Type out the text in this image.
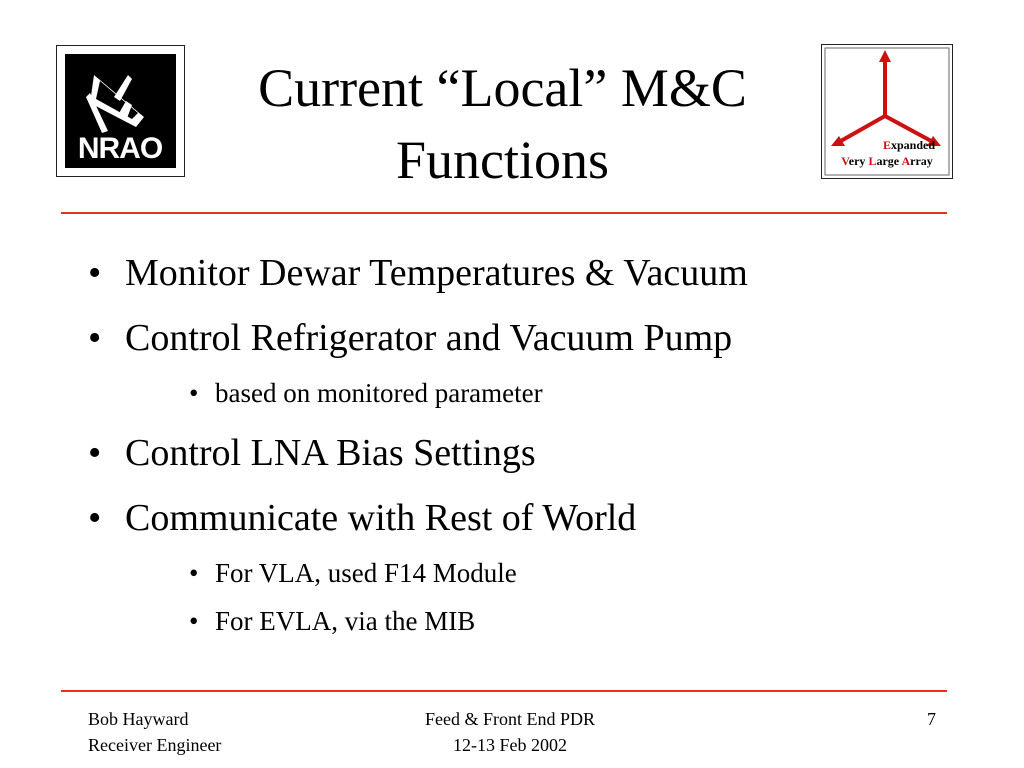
NRAO
Current “Local” M&C
Functions	Expanded
Very Large Array
• Monitor Dewar Temperatures & Vacuum
• Control Refrigerator and Vacuum Pump
• based on monitored parameter
• Control LNA Bias Settings
• Communicate with Rest of World
• For VLA, used F14 Module
• For EVLA, via the MIB
Bob Hayward
Receiver Engineer
Feed & Front End PDR
12-13 Feb 2002
7
